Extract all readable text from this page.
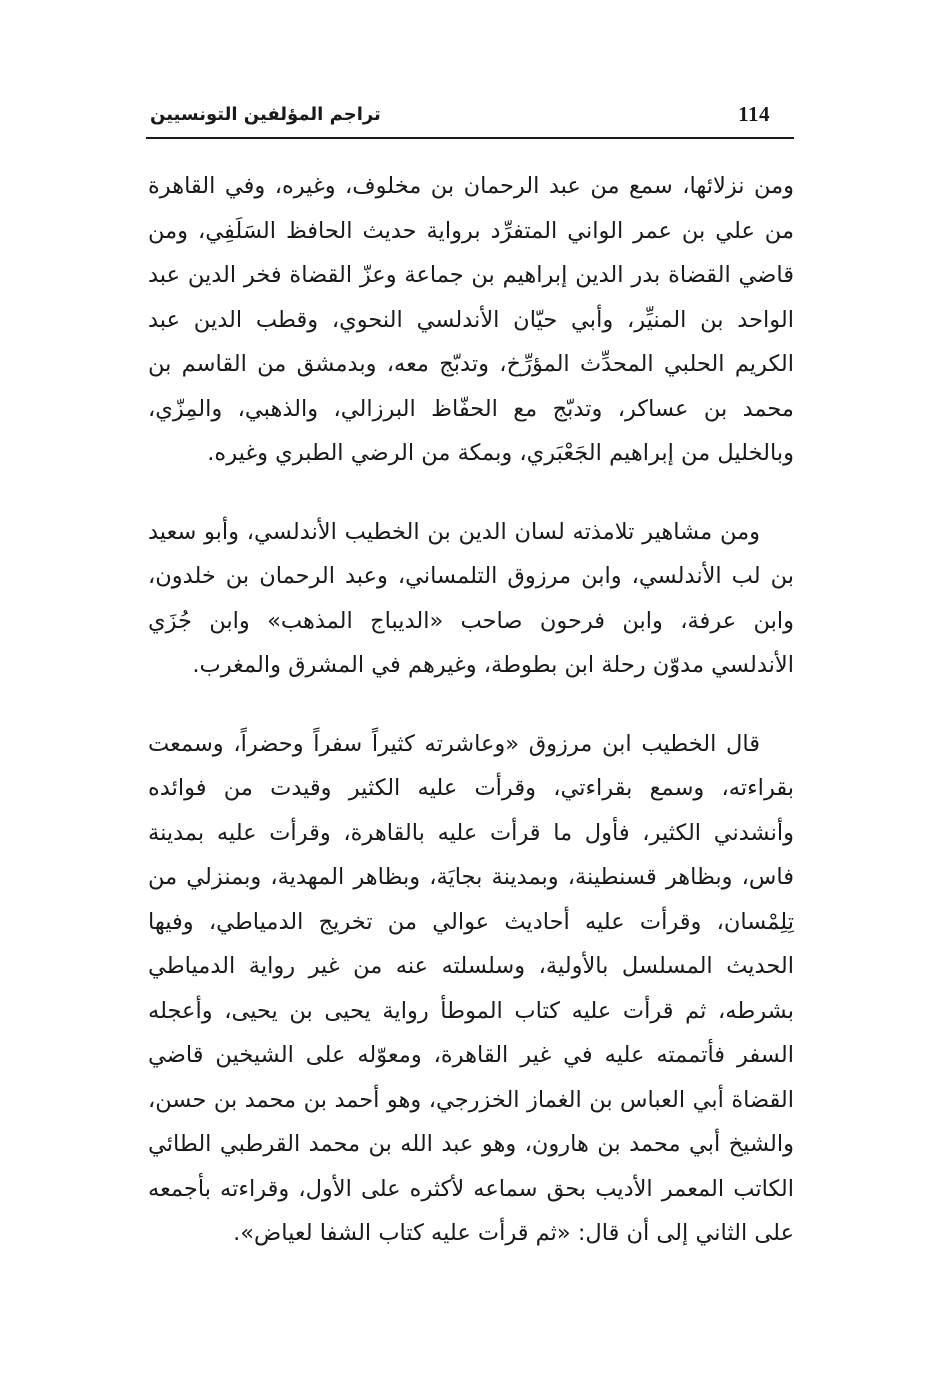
114
تراجم المؤلفين التونسيين

ومن نزلائها، سمع من عبد الرحمان بن مخلوف، وغيره، وفي القاهرة من علي بن عمر الواني المتفرِّد برواية حديث الحافظ السَلَفِي، ومن قاضي القضاة بدر الدين إبراهيم بن جماعة وعزّ القضاة فخر الدين عبد الواحد بن المنيِّر، وأبي حيّان الأندلسي النحوي، وقطب الدين عبد الكريم الحلبي المحدِّث المؤرِّخ، وتدبّج معه، وبدمشق من القاسم بن محمد بن عساكر، وتدبّج مع الحفّاظ البرزالي، والذهبي، والمِزّي، وبالخليل من إبراهيم الجَعْبَري، وبمكة من الرضي الطبري وغيره.

ومن مشاهير تلامذته لسان الدين بن الخطيب الأندلسي، وأبو سعيد بن لب الأندلسي، وابن مرزوق التلمساني، وعبد الرحمان بن خلدون، وابن عرفة، وابن فرحون صاحب «الديباج المذهب» وابن جُزَي الأندلسي مدوّن رحلة ابن بطوطة، وغيرهم في المشرق والمغرب.

قال الخطيب ابن مرزوق «وعاشرته كثيراً سفراً وحضراً، وسمعت بقراءته، وسمع بقراءتي، وقرأت عليه الكثير وقيدت من فوائده وأنشدني الكثير، فأول ما قرأت عليه بالقاهرة، وقرأت عليه بمدينة فاس، وبظاهر قسنطينة، وبمدينة بجايَة، وبظاهر المهدية، وبمنزلي من تِلِمْسان، وقرأت عليه أحاديث عوالي من تخريج الدمياطي، وفيها الحديث المسلسل بالأولية، وسلسلته عنه من غير رواية الدمياطي بشرطه، ثم قرأت عليه كتاب الموطأ رواية يحيى بن يحيى، وأعجله السفر فأتممته عليه في غير القاهرة، ومعوّله على الشيخين قاضي القضاة أبي العباس بن الغماز الخزرجي، وهو أحمد بن محمد بن حسن، والشيخ أبي محمد بن هارون، وهو عبد الله بن محمد القرطبي الطائي الكاتب المعمر الأديب بحق سماعه لأكثره على الأول، وقراءته بأجمعه على الثاني إلى أن قال: «ثم قرأت عليه كتاب الشفا لعياض».
